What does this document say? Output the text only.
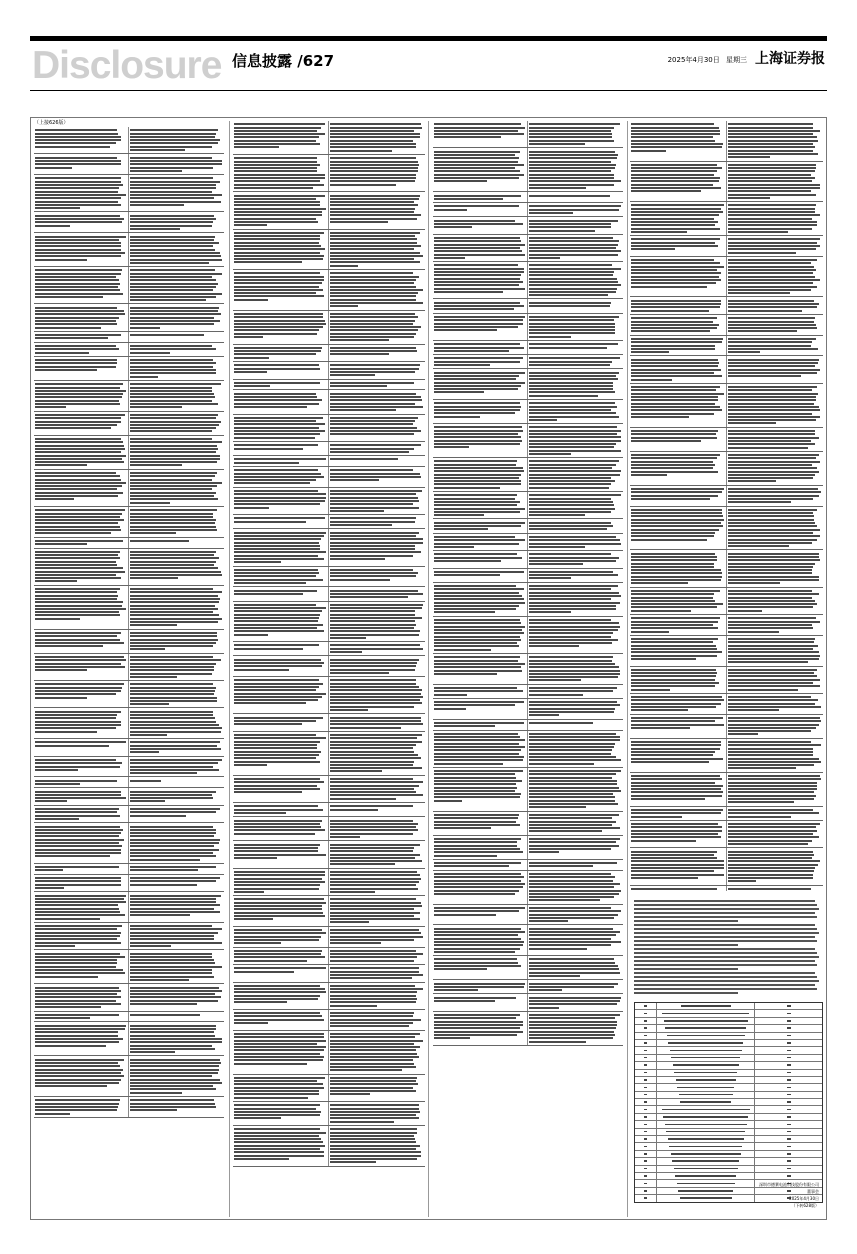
Disclosure 信息披露 /627	2025年4月30日 星期三 上海证券报
（上接626版）
深圳市德赛电池科技股份有限公司
董事会
2025年4月30日
（下转628版）
